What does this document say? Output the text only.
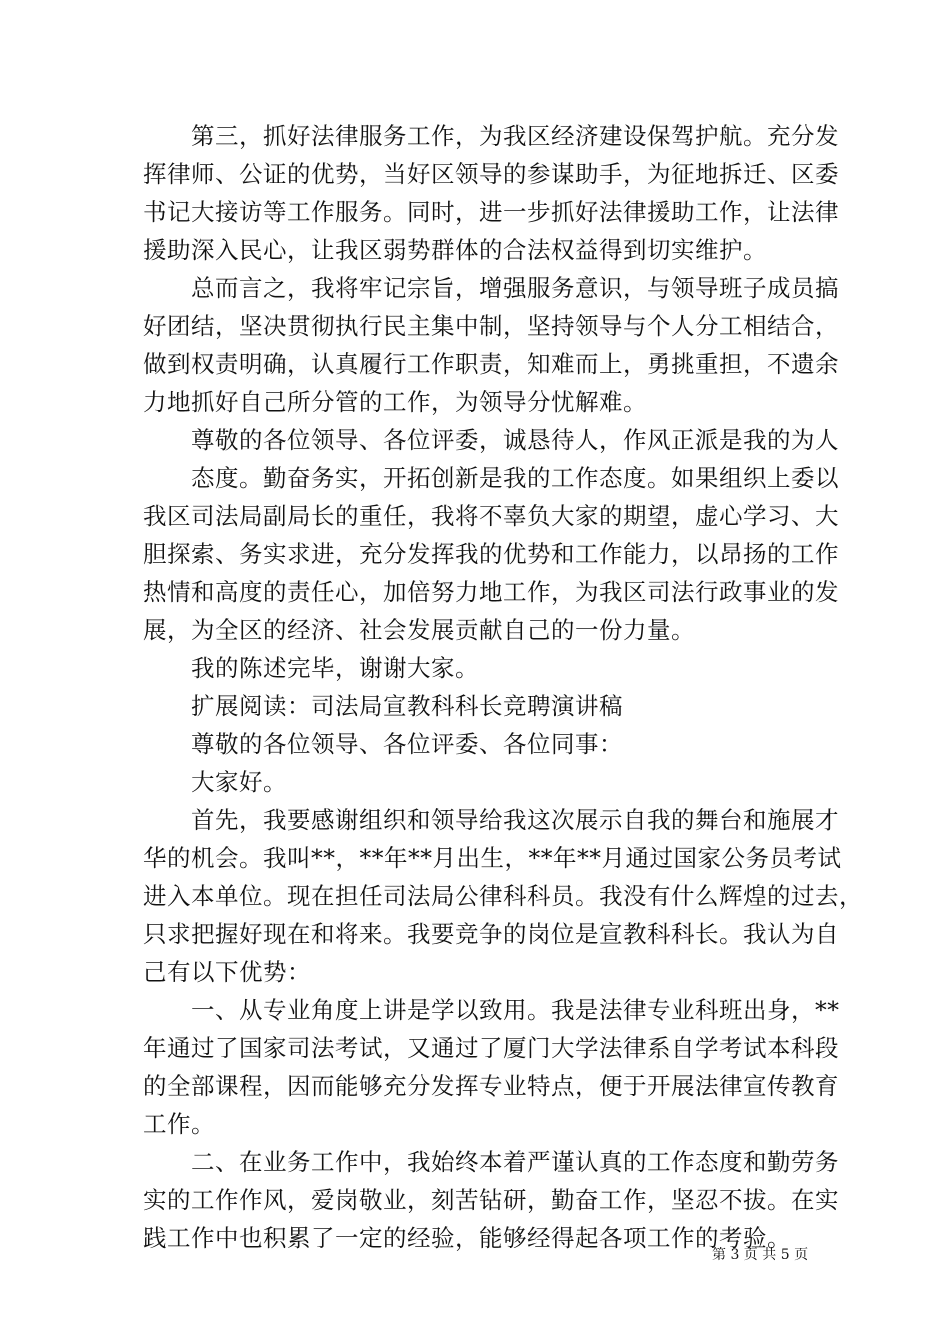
第三，抓好法律服务工作，为我区经济建设保驾护航。充分发
挥律师、公证的优势，当好区领导的参谋助手，为征地拆迁、区委
书记大接访等工作服务。同时，进一步抓好法律援助工作，让法律
援助深入民心，让我区弱势群体的合法权益得到切实维护。
总而言之，我将牢记宗旨，增强服务意识，与领导班子成员搞
好团结，坚决贯彻执行民主集中制，坚持领导与个人分工相结合，
做到权责明确，认真履行工作职责，知难而上，勇挑重担，不遗余
力地抓好自己所分管的工作，为领导分忧解难。
尊敬的各位领导、各位评委，诚恳待人，作风正派是我的为人
态度。勤奋务实，开拓创新是我的工作态度。如果组织上委以
我区司法局副局长的重任，我将不辜负大家的期望，虚心学习、大
胆探索、务实求进，充分发挥我的优势和工作能力，以昂扬的工作
热情和高度的责任心，加倍努力地工作，为我区司法行政事业的发
展，为全区的经济、社会发展贡献自己的一份力量。
我的陈述完毕，谢谢大家。
扩展阅读：司法局宣教科科长竞聘演讲稿
尊敬的各位领导、各位评委、各位同事：
大家好。
首先，我要感谢组织和领导给我这次展示自我的舞台和施展才
华的机会。我叫**，**年**月出生，**年**月通过国家公务员考试
进入本单位。现在担任司法局公律科科员。我没有什么辉煌的过去，
只求把握好现在和将来。我要竞争的岗位是宣教科科长。我认为自
己有以下优势：
一、从专业角度上讲是学以致用。我是法律专业科班出身，**
年通过了国家司法考试，又通过了厦门大学法律系自学考试本科段
的全部课程，因而能够充分发挥专业特点，便于开展法律宣传教育
工作。
二、在业务工作中，我始终本着严谨认真的工作态度和勤劳务
实的工作作风，爱岗敬业，刻苦钻研，勤奋工作，坚忍不拔。在实
践工作中也积累了一定的经验，能够经得起各项工作的考验。
第 3 页 共 5 页
